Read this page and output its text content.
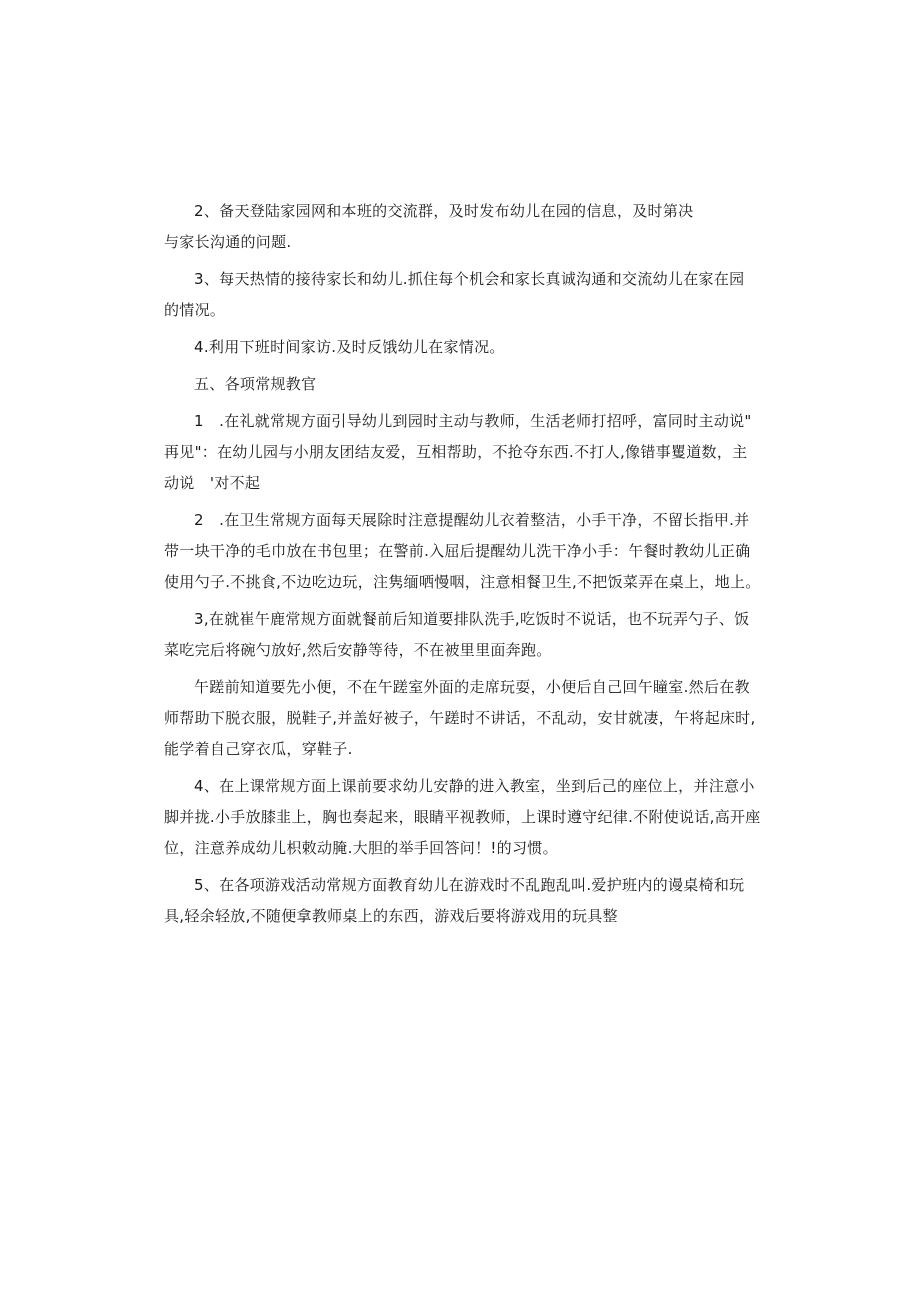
2、备天登陆家园网和本班的交流群，及时发布幼儿在园的信息，及时第决
与家长沟通的问题.

3、每天热情的接待家长和幼儿.抓住每个机会和家长真诚沟通和交流幼儿在家在园
的情况。

4.利用下班时间家访.及时反饿幼儿在家情况。

五、各项常规教官

1　.在礼就常规方面引导幼儿到园时主动与教师，生活老师打招呼，富同时主动说"
再见"：在幼儿园与小朋友团结友爱，互相帮助，不抢夺东西.不打人,像错事矍道数，主
动说　'对不起

2　.在卫生常规方面每天展除时注意提醒幼儿衣着整洁，小手干净，不留长指甲.并
带一块干净的毛巾放在书包里；在警前.入屈后提醒幼儿洗干净小手：午餐时教幼儿正确
使用勺子.不挑食,不边吃边玩，注隽缅哂慢咽，注意相餐卫生,不把饭菜弄在桌上，地上。

3,在就崔午鹿常规方面就餐前后知道要排队洗手,吃饭时不说话，也不玩弄勺子、饭
菜吃完后将碗勺放好,然后安静等待，不在被里里面奔跑。

午蹉前知道要先小便，不在午蹉室外面的走席玩耍，小便后自己回午瞳室.然后在教
师帮助下脱衣服，脱鞋子,并盖好被子，午蹉时不讲话，不乱动，安甘就凄，午将起床时,
能学着自己穿衣瓜，穿鞋子.

4、在上课常规方面上课前要求幼儿安静的进入教室，坐到后己的座位上，并注意小
脚并拢.小手放膝韭上，胸也奏起来，眼睛平视教师，上课时遵守纪律.不附使说话,高开座
位，注意养成幼儿枳敕动腌.大胆的举手回答问！!的习惯。

5、在各项游戏活动常规方面教育幼儿在游戏时不乱跑乱叫.爱护班内的谩桌椅和玩
具,轻余轻放,不随便拿教师桌上的东西，游戏后要将游戏用的玩具整
